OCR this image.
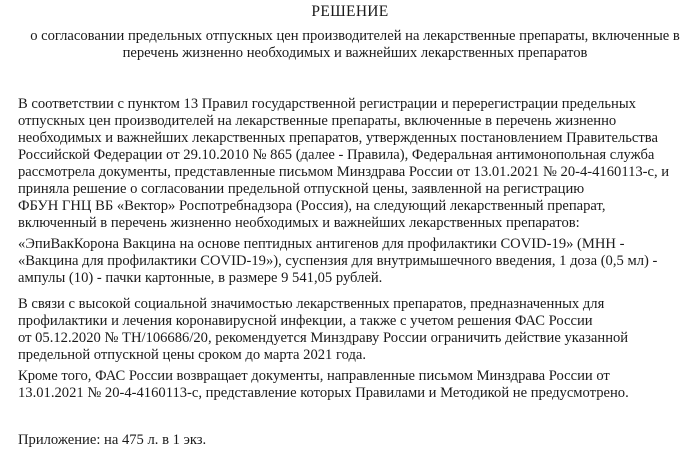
РЕШЕНИЕ
о согласовании предельных отпускных цен производителей на лекарственные препараты, включенные в
перечень жизненно необходимых и важнейших лекарственных препаратов
В соответствии с пунктом 13 Правил государственной регистрации и перерегистрации предельных
отпускных цен производителей на лекарственные препараты, включенные в перечень жизненно
необходимых и важнейших лекарственных препаратов, утвержденных постановлением Правительства
Российской Федерации от 29.10.2010 № 865 (далее - Правила), Федеральная антимонопольная служба
рассмотрела документы, представленные письмом Минздрава России от 13.01.2021 № 20-4-4160113-с, и
приняла решение о согласовании предельной отпускной цены, заявленной на регистрацию
ФБУН ГНЦ ВБ «Вектор» Роспотребнадзора (Россия), на следующий лекарственный препарат,
включенный в перечень жизненно необходимых и важнейших лекарственных препаратов:
«ЭпиВакКорона Вакцина на основе пептидных антигенов для профилактики COVID-19» (МНН -
«Вакцина для профилактики COVID-19»), суспензия для внутримышечного введения, 1 доза (0,5 мл) -
ампулы (10) - пачки картонные, в размере 9 541,05 рублей.
В связи с высокой социальной значимостью лекарственных препаратов, предназначенных для
профилактики и лечения коронавирусной инфекции, а также с учетом решения ФАС России
от 05.12.2020 № ТН/106686/20, рекомендуется Минздраву России ограничить действие указанной
предельной отпускной цены сроком до марта 2021 года.
Кроме того, ФАС России возвращает документы, направленные письмом Минздрава России от
13.01.2021 № 20-4-4160113-с, представление которых Правилами и Методикой не предусмотрено.
Приложение: на 475 л. в 1 экз.
